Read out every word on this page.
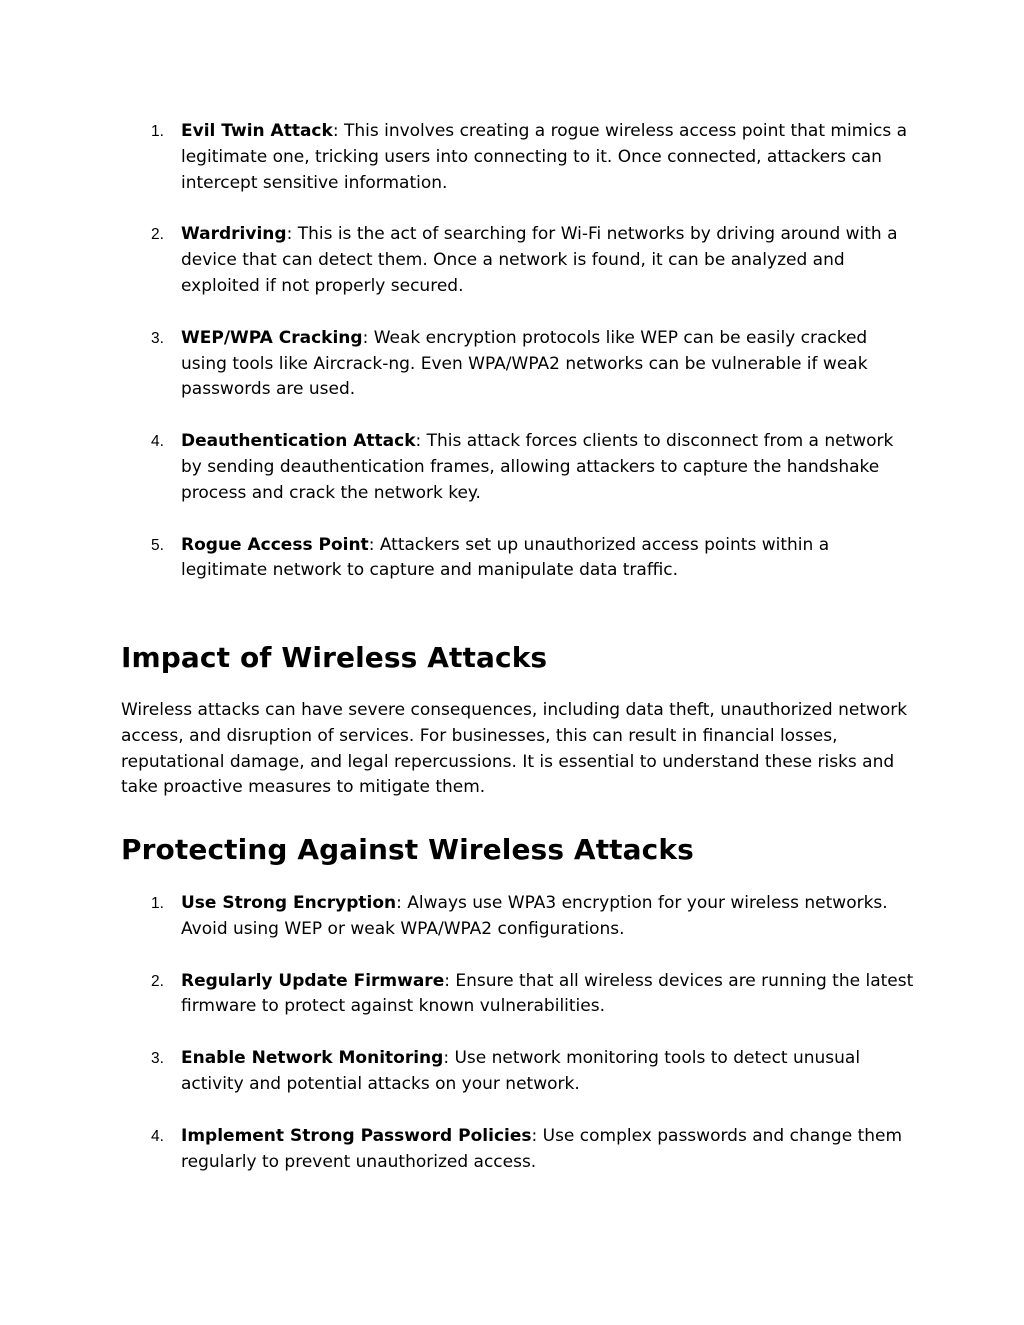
1. Evil Twin Attack: This involves creating a rogue wireless access point that mimics a legitimate one, tricking users into connecting to it. Once connected, attackers can intercept sensitive information.
2. Wardriving: This is the act of searching for Wi-Fi networks by driving around with a device that can detect them. Once a network is found, it can be analyzed and exploited if not properly secured.
3. WEP/WPA Cracking: Weak encryption protocols like WEP can be easily cracked using tools like Aircrack-ng. Even WPA/WPA2 networks can be vulnerable if weak passwords are used.
4. Deauthentication Attack: This attack forces clients to disconnect from a network by sending deauthentication frames, allowing attackers to capture the handshake process and crack the network key.
5. Rogue Access Point: Attackers set up unauthorized access points within a legitimate network to capture and manipulate data traffic.
Impact of Wireless Attacks

Wireless attacks can have severe consequences, including data theft, unauthorized network access, and disruption of services. For businesses, this can result in financial losses, reputational damage, and legal repercussions. It is essential to understand these risks and take proactive measures to mitigate them.

Protecting Against Wireless Attacks
1. Use Strong Encryption: Always use WPA3 encryption for your wireless networks. Avoid using WEP or weak WPA/WPA2 configurations.
2. Regularly Update Firmware: Ensure that all wireless devices are running the latest firmware to protect against known vulnerabilities.
3. Enable Network Monitoring: Use network monitoring tools to detect unusual activity and potential attacks on your network.
4. Implement Strong Password Policies: Use complex passwords and change them regularly to prevent unauthorized access.
